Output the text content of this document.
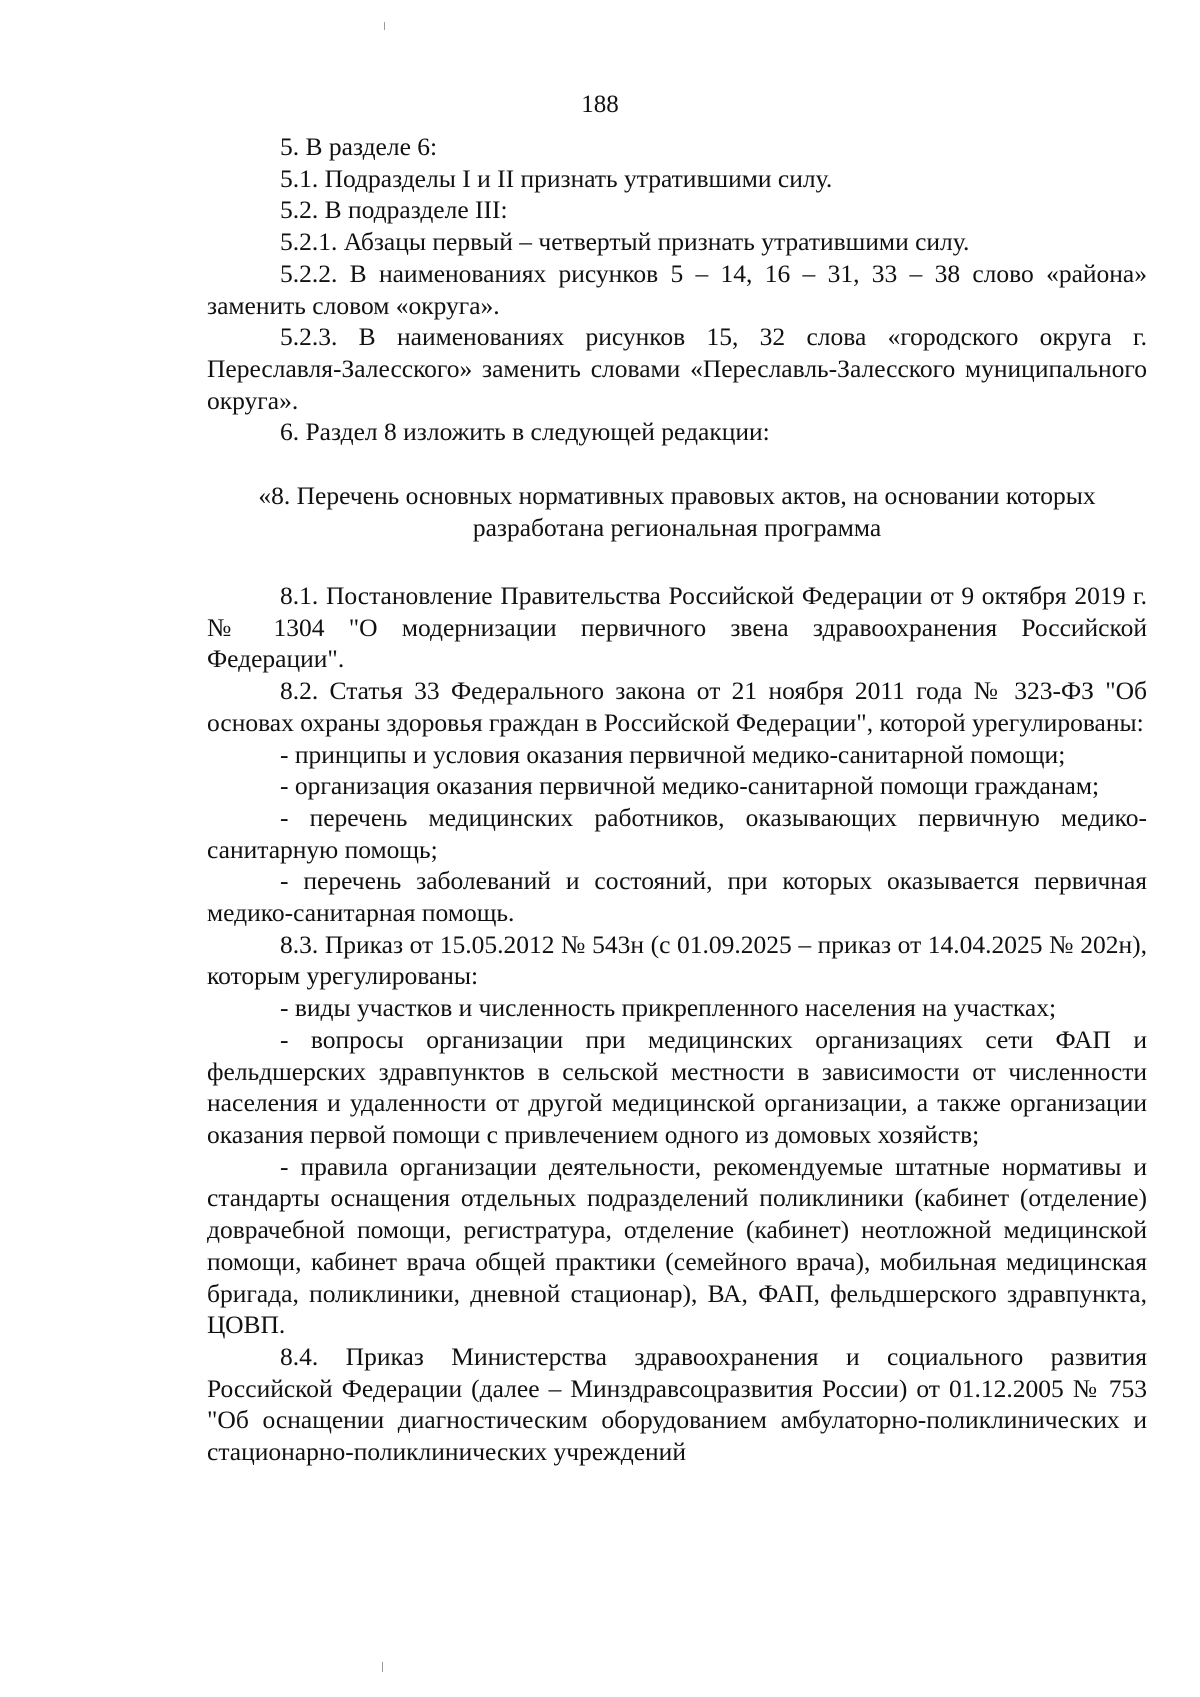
188

5. В разделе 6:

5.1. Подразделы I и II признать утратившими силу.

5.2. В подразделе III:

5.2.1. Абзацы первый – четвертый признать утратившими силу.

5.2.2. В наименованиях рисунков 5 – 14, 16 – 31, 33 – 38 слово «района» заменить словом «округа».

5.2.3. В наименованиях рисунков 15, 32 слова «городского округа г. Переславля-Залесского» заменить словами «Переславль-Залесского муниципального округа».

6. Раздел 8 изложить в следующей редакции:

«8. Перечень основных нормативных правовых актов, на основании которых
разработана региональная программа

8.1. Постановление Правительства Российской Федерации от 9 октября 2019 г. № 1304 "О модернизации первичного звена здравоохранения Российской Федерации".

8.2. Статья 33 Федерального закона от 21 ноября 2011 года № 323-ФЗ "Об основах охраны здоровья граждан в Российской Федерации", которой урегулированы:

- принципы и условия оказания первичной медико-санитарной помощи;

- организация оказания первичной медико-санитарной помощи гражданам;

- перечень медицинских работников, оказывающих первичную медико-санитарную помощь;

- перечень заболеваний и состояний, при которых оказывается первичная медико-санитарная помощь.

8.3. Приказ от 15.05.2012 № 543н (с 01.09.2025 – приказ от 14.04.2025 № 202н), которым урегулированы:

- виды участков и численность прикрепленного населения на участках;

- вопросы организации при медицинских организациях сети ФАП и фельдшерских здравпунктов в сельской местности в зависимости от численности населения и удаленности от другой медицинской организации, а также организации оказания первой помощи с привлечением одного из домовых хозяйств;

- правила организации деятельности, рекомендуемые штатные нормативы и стандарты оснащения отдельных подразделений поликлиники (кабинет (отделение) доврачебной помощи, регистратура, отделение (кабинет) неотложной медицинской помощи, кабинет врача общей практики (семейного врача), мобильная медицинская бригада, поликлиники, дневной стационар), ВА, ФАП, фельдшерского здравпункта, ЦОВП.

8.4. Приказ Министерства здравоохранения и социального развития Российской Федерации (далее – Минздравсоцразвития России) от 01.12.2005 № 753 "Об оснащении диагностическим оборудованием амбулаторно-поликлинических и стационарно-поликлинических учреждений
